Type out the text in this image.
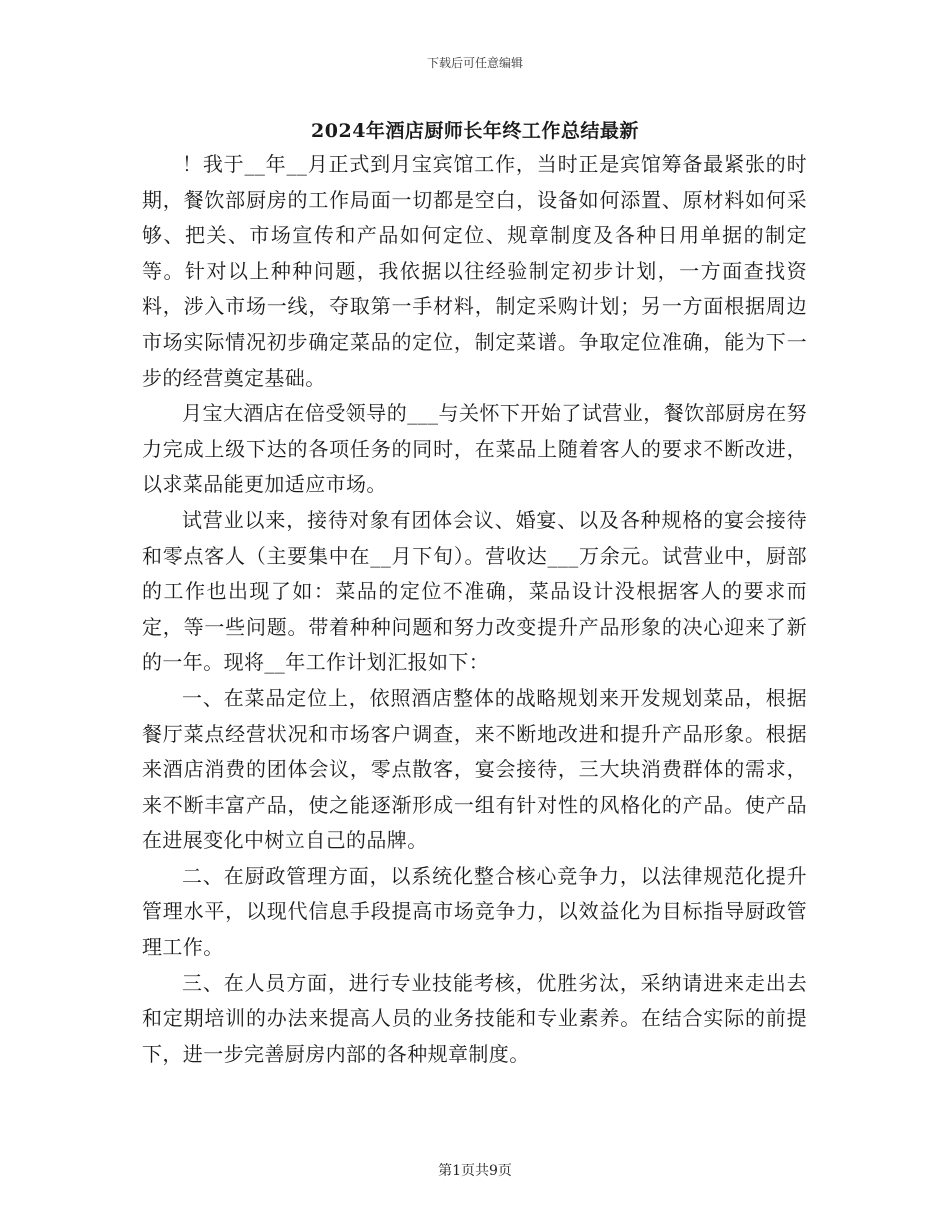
下载后可任意编辑
2024年酒店厨师长年终工作总结最新

！我于__年__月正式到月宝宾馆工作，当时正是宾馆筹备最紧张的时期，餐饮部厨房的工作局面一切都是空白，设备如何添置、原材料如何采够、把关、市场宣传和产品如何定位、规章制度及各种日用单据的制定等。针对以上种种问题，我依据以往经验制定初步计划，一方面查找资料，涉入市场一线，夺取第一手材料，制定采购计划；另一方面根据周边市场实际情况初步确定菜品的定位，制定菜谱。争取定位准确，能为下一步的经营奠定基础。

月宝大酒店在倍受领导的___与关怀下开始了试营业，餐饮部厨房在努力完成上级下达的各项任务的同时，在菜品上随着客人的要求不断改进，以求菜品能更加适应市场。

试营业以来，接待对象有团体会议、婚宴、以及各种规格的宴会接待和零点客人（主要集中在__月下旬）。营收达___万余元。试营业中，厨部的工作也出现了如：菜品的定位不准确，菜品设计没根据客人的要求而定，等一些问题。带着种种问题和努力改变提升产品形象的决心迎来了新的一年。现将__年工作计划汇报如下：

一、在菜品定位上，依照酒店整体的战略规划来开发规划菜品，根据餐厅菜点经营状况和市场客户调查，来不断地改进和提升产品形象。根据来酒店消费的团体会议，零点散客，宴会接待，三大块消费群体的需求，来不断丰富产品，使之能逐渐形成一组有针对性的风格化的产品。使产品在进展变化中树立自己的品牌。

二、在厨政管理方面，以系统化整合核心竞争力，以法律规范化提升管理水平，以现代信息手段提高市场竞争力，以效益化为目标指导厨政管理工作。

三、在人员方面，进行专业技能考核，优胜劣汰，采纳请进来走出去和定期培训的办法来提高人员的业务技能和专业素养。在结合实际的前提下，进一步完善厨房内部的各种规章制度。

第1页共9页
